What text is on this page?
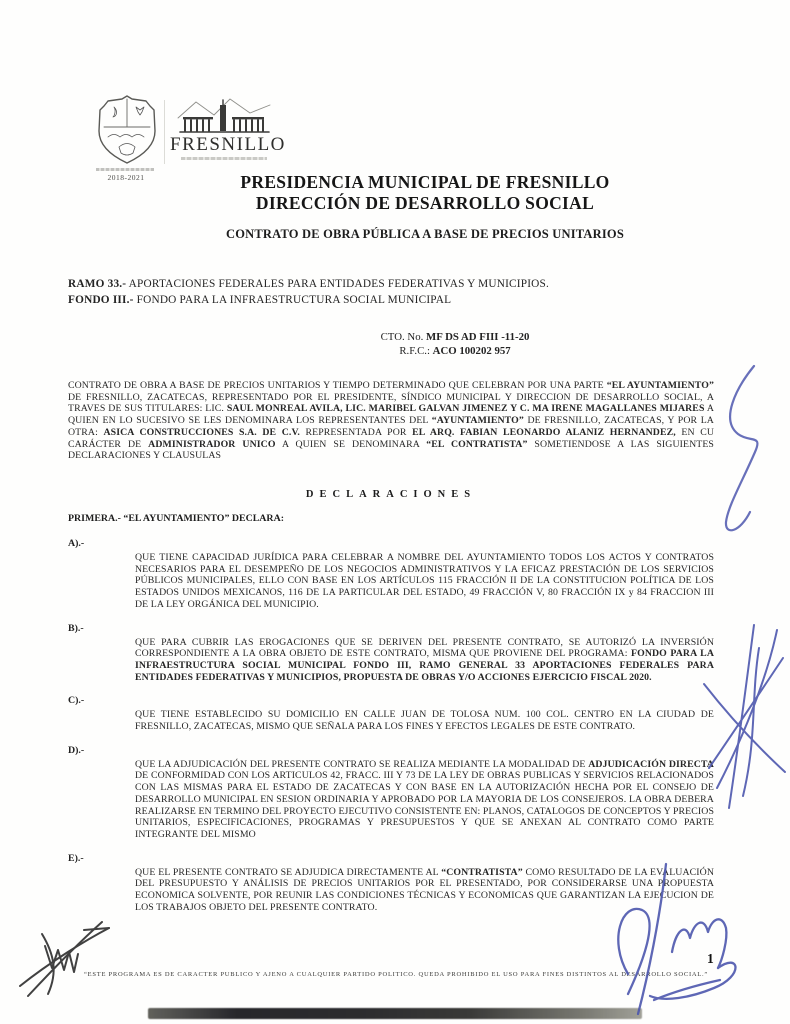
2018-2021
FRESNILLO
PRESIDENCIA MUNICIPAL DE FRESNILLO
DIRECCIÓN DE DESARROLLO SOCIAL
CONTRATO DE OBRA PÚBLICA A BASE DE PRECIOS UNITARIOS
RAMO 33.- APORTACIONES FEDERALES PARA ENTIDADES FEDERATIVAS Y MUNICIPIOS.
FONDO III.- FONDO PARA LA INFRAESTRUCTURA SOCIAL MUNICIPAL
CTO. No. MF DS AD FIII -11-20
R.F.C.: ACO 100202 957
CONTRATO DE OBRA A BASE DE PRECIOS UNITARIOS Y TIEMPO DETERMINADO QUE CELEBRAN POR UNA PARTE “EL AYUNTAMIENTO” DE FRESNILLO, ZACATECAS, REPRESENTADO POR EL PRESIDENTE, SÍNDICO MUNICIPAL Y DIRECCION DE DESARROLLO SOCIAL, A TRAVES DE SUS TITULARES: LIC. SAUL MONREAL AVILA, LIC. MARIBEL GALVAN JIMENEZ Y C. MA IRENE MAGALLANES MIJARES A QUIEN EN LO SUCESIVO SE LES DENOMINARA LOS REPRESENTANTES DEL “AYUNTAMIENTO” DE FRESNILLO, ZACATECAS, Y POR LA OTRA: ASICA CONSTRUCCIONES S.A. DE C.V. REPRESENTADA POR EL ARQ. FABIAN LEONARDO ALANIZ HERNANDEZ, EN CU CARÁCTER DE ADMINISTRADOR UNICO A QUIEN SE DENOMINARA “EL CONTRATISTA” SOMETIENDOSE A LAS SIGUIENTES DECLARACIONES Y CLAUSULAS
DECLARACIONES
PRIMERA.- “EL AYUNTAMIENTO” DECLARA:
A).-
QUE TIENE CAPACIDAD JURÍDICA PARA CELEBRAR A NOMBRE DEL AYUNTAMIENTO TODOS LOS ACTOS Y CONTRATOS NECESARIOS PARA EL DESEMPEÑO DE LOS NEGOCIOS ADMINISTRATIVOS Y LA EFICAZ PRESTACIÓN DE LOS SERVICIOS PÚBLICOS MUNICIPALES, ELLO CON BASE EN LOS ARTÍCULOS 115 FRACCIÓN II DE LA CONSTITUCION POLÍTICA DE LOS ESTADOS UNIDOS MEXICANOS, 116 DE LA PARTICULAR DEL ESTADO, 49 FRACCIÓN V, 80 FRACCIÓN IX y 84 FRACCION III DE LA LEY ORGÁNICA DEL MUNICIPIO.
B).-
QUE PARA CUBRIR LAS EROGACIONES QUE SE DERIVEN DEL PRESENTE CONTRATO, SE AUTORIZÓ LA INVERSIÓN CORRESPONDIENTE A LA OBRA OBJETO DE ESTE CONTRATO, MISMA QUE PROVIENE DEL PROGRAMA: FONDO PARA LA INFRAESTRUCTURA SOCIAL MUNICIPAL FONDO III, RAMO GENERAL 33 APORTACIONES FEDERALES PARA ENTIDADES FEDERATIVAS Y MUNICIPIOS, PROPUESTA DE OBRAS Y/O ACCIONES EJERCICIO FISCAL 2020.
C).-
QUE TIENE ESTABLECIDO SU DOMICILIO EN CALLE JUAN DE TOLOSA NUM. 100 COL. CENTRO EN LA CIUDAD DE FRESNILLO, ZACATECAS, MISMO QUE SEÑALA PARA LOS FINES Y EFECTOS LEGALES DE ESTE CONTRATO.
D).-
QUE LA ADJUDICACIÓN DEL PRESENTE CONTRATO SE REALIZA MEDIANTE LA MODALIDAD DE ADJUDICACIÓN DIRECTA DE CONFORMIDAD CON LOS ARTICULOS 42, FRACC. III Y 73 DE LA LEY DE OBRAS PUBLICAS Y SERVICIOS RELACIONADOS CON LAS MISMAS PARA EL ESTADO DE ZACATECAS Y CON BASE EN LA AUTORIZACIÓN HECHA POR EL CONSEJO DE DESARROLLO MUNICIPAL EN SESION ORDINARIA Y APROBADO POR LA MAYORIA DE LOS CONSEJEROS. LA OBRA DEBERA REALIZARSE EN TERMINO DEL PROYECTO EJECUTIVO CONSISTENTE EN: PLANOS, CATALOGOS DE CONCEPTOS Y PRECIOS UNITARIOS, ESPECIFICACIONES, PROGRAMAS Y PRESUPUESTOS Y QUE SE ANEXAN AL CONTRATO COMO PARTE INTEGRANTE DEL MISMO
E).-
QUE EL PRESENTE CONTRATO SE ADJUDICA DIRECTAMENTE AL “CONTRATISTA” COMO RESULTADO DE LA EVALUACIÓN DEL PRESUPUESTO Y ANÁLISIS DE PRECIOS UNITARIOS POR EL PRESENTADO, POR CONSIDERARSE UNA PROPUESTA ECONOMICA SOLVENTE, POR REUNIR LAS CONDICIONES TÉCNICAS Y ECONOMICAS QUE GARANTIZAN LA EJECUCION DE LOS TRABAJOS OBJETO DEL PRESENTE CONTRATO.
“ESTE PROGRAMA ES DE CARACTER PUBLICO Y AJENO A CUALQUIER PARTIDO POLITICO. QUEDA PROHIBIDO EL USO PARA FINES DISTINTOS AL DESARROLLO SOCIAL.”
1
